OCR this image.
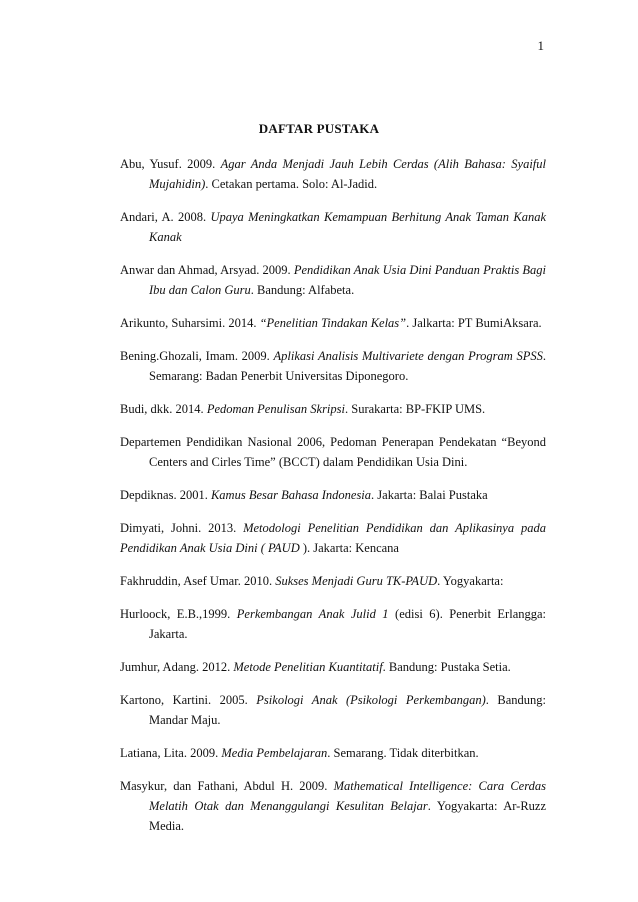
1
DAFTAR PUSTAKA

Abu, Yusuf. 2009. Agar Anda Menjadi Jauh Lebih Cerdas (Alih Bahasa: Syaiful Mujahidin). Cetakan pertama. Solo: Al-Jadid.

Andari, A. 2008. Upaya Meningkatkan Kemampuan Berhitung Anak Taman Kanak Kanak

Anwar dan Ahmad, Arsyad. 2009. Pendidikan Anak Usia Dini Panduan Praktis Bagi Ibu dan Calon Guru. Bandung: Alfabeta.

Arikunto, Suharsimi. 2014. “Penelitian Tindakan Kelas”. Jalkarta: PT BumiAksara.

Bening.Ghozali, Imam. 2009. Aplikasi Analisis Multivariete dengan Program SPSS. Semarang: Badan Penerbit Universitas Diponegoro.

Budi, dkk. 2014. Pedoman Penulisan Skripsi. Surakarta: BP-FKIP UMS.

Departemen Pendidikan Nasional 2006, Pedoman Penerapan Pendekatan “Beyond Centers and Cirles Time” (BCCT) dalam Pendidikan Usia Dini.

Depdiknas. 2001. Kamus Besar Bahasa Indonesia. Jakarta: Balai Pustaka

Dimyati, Johni. 2013. Metodologi Penelitian Pendidikan dan Aplikasinya pada Pendidikan Anak Usia Dini ( PAUD ). Jakarta: Kencana

Fakhruddin, Asef Umar. 2010. Sukses Menjadi Guru TK-PAUD. Yogyakarta:

Hurloock, E.B.,1999. Perkembangan Anak Julid 1 (edisi 6). Penerbit Erlangga: Jakarta.

Jumhur, Adang. 2012. Metode Penelitian Kuantitatif. Bandung: Pustaka Setia.

Kartono, Kartini. 2005. Psikologi Anak (Psikologi Perkembangan). Bandung: Mandar Maju.

Latiana, Lita. 2009. Media Pembelajaran. Semarang. Tidak diterbitkan.

Masykur, dan Fathani, Abdul H. 2009. Mathematical Intelligence: Cara Cerdas Melatih Otak dan Menanggulangi Kesulitan Belajar. Yogyakarta: Ar-Ruzz Media.
